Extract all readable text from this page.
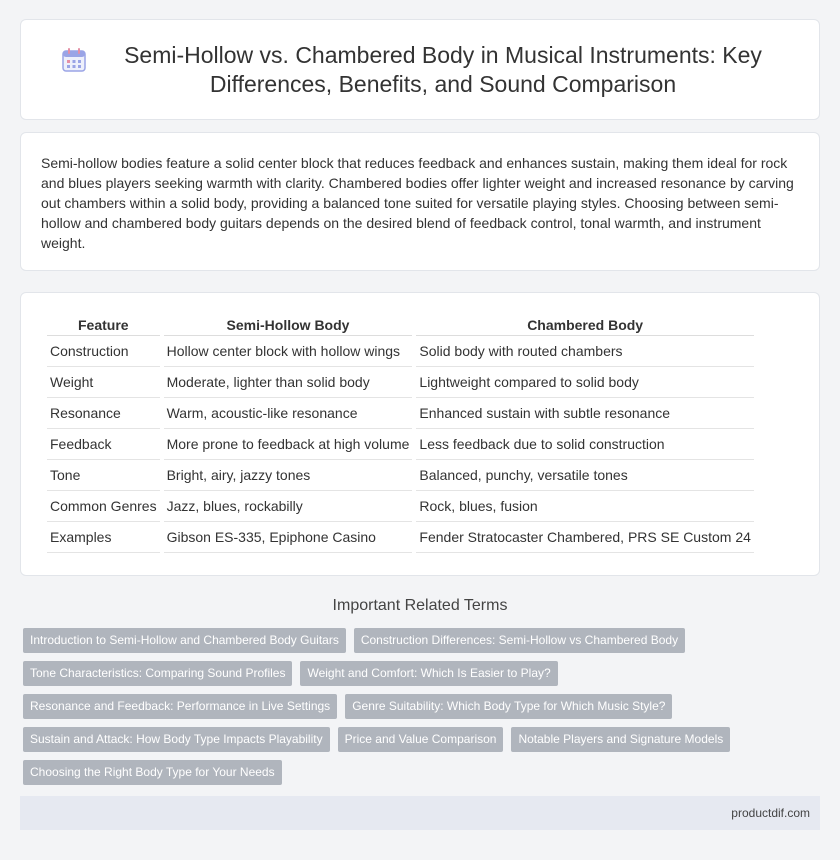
Semi-Hollow vs. Chambered Body in Musical Instruments: Key Differences, Benefits, and Sound Comparison

Semi-hollow bodies feature a solid center block that reduces feedback and enhances sustain, making them ideal for rock and blues players seeking warmth with clarity. Chambered bodies offer lighter weight and increased resonance by carving out chambers within a solid body, providing a balanced tone suited for versatile playing styles. Choosing between semi-hollow and chambered body guitars depends on the desired blend of feedback control, tonal warmth, and instrument weight.

Feature	Semi-Hollow Body	Chambered Body
Construction	Hollow center block with hollow wings	Solid body with routed chambers
Weight	Moderate, lighter than solid body	Lightweight compared to solid body
Resonance	Warm, acoustic-like resonance	Enhanced sustain with subtle resonance
Feedback	More prone to feedback at high volume	Less feedback due to solid construction
Tone	Bright, airy, jazzy tones	Balanced, punchy, versatile tones
Common Genres	Jazz, blues, rockabilly	Rock, blues, fusion
Examples	Gibson ES-335, Epiphone Casino	Fender Stratocaster Chambered, PRS SE Custom 24
Important Related Terms
Introduction to Semi-Hollow and Chambered Body Guitars	Construction Differences: Semi-Hollow vs Chambered Body
Tone Characteristics: Comparing Sound Profiles	Weight and Comfort: Which Is Easier to Play?
Resonance and Feedback: Performance in Live Settings	Genre Suitability: Which Body Type for Which Music Style?
Sustain and Attack: How Body Type Impacts Playability	Price and Value Comparison	Notable Players and Signature Models
Choosing the Right Body Type for Your Needs
productdif.com
